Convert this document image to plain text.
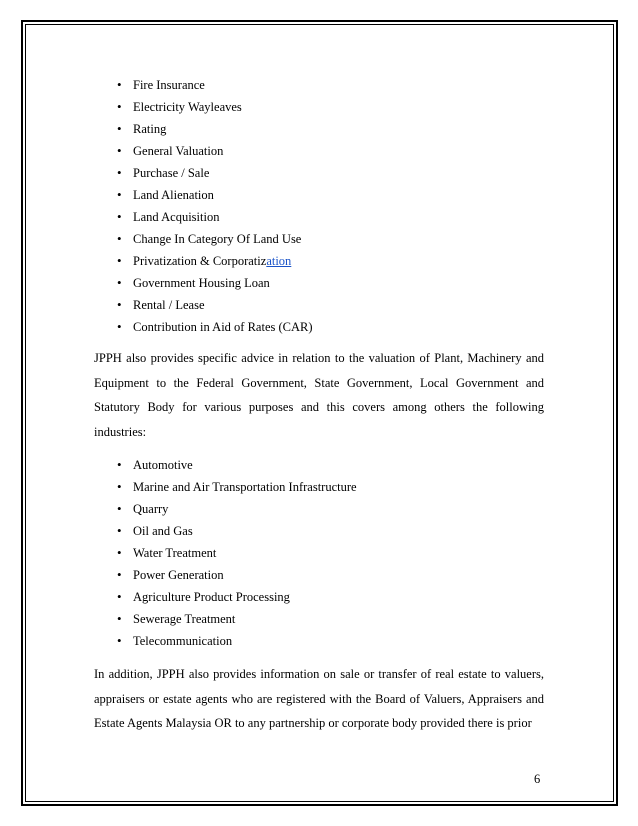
• Fire Insurance
• Electricity Wayleaves
• Rating
• General Valuation
• Purchase / Sale
• Land Alienation
• Land Acquisition
• Change In Category Of Land Use
• Privatization & Corporatization
• Government Housing Loan
• Rental / Lease
• Contribution in Aid of Rates (CAR)

JPPH also provides specific advice in relation to the valuation of Plant, Machinery and Equipment to the Federal Government, State Government, Local Government and Statutory Body for various purposes and this covers among others the following industries:

• Automotive
• Marine and Air Transportation Infrastructure
• Quarry
• Oil and Gas
• Water Treatment
• Power Generation
• Agriculture Product Processing
• Sewerage Treatment
• Telecommunication

In addition, JPPH also provides information on sale or transfer of real estate to valuers, appraisers or estate agents who are registered with the Board of Valuers, Appraisers and Estate Agents Malaysia OR to any partnership or corporate body provided there is prior

6
